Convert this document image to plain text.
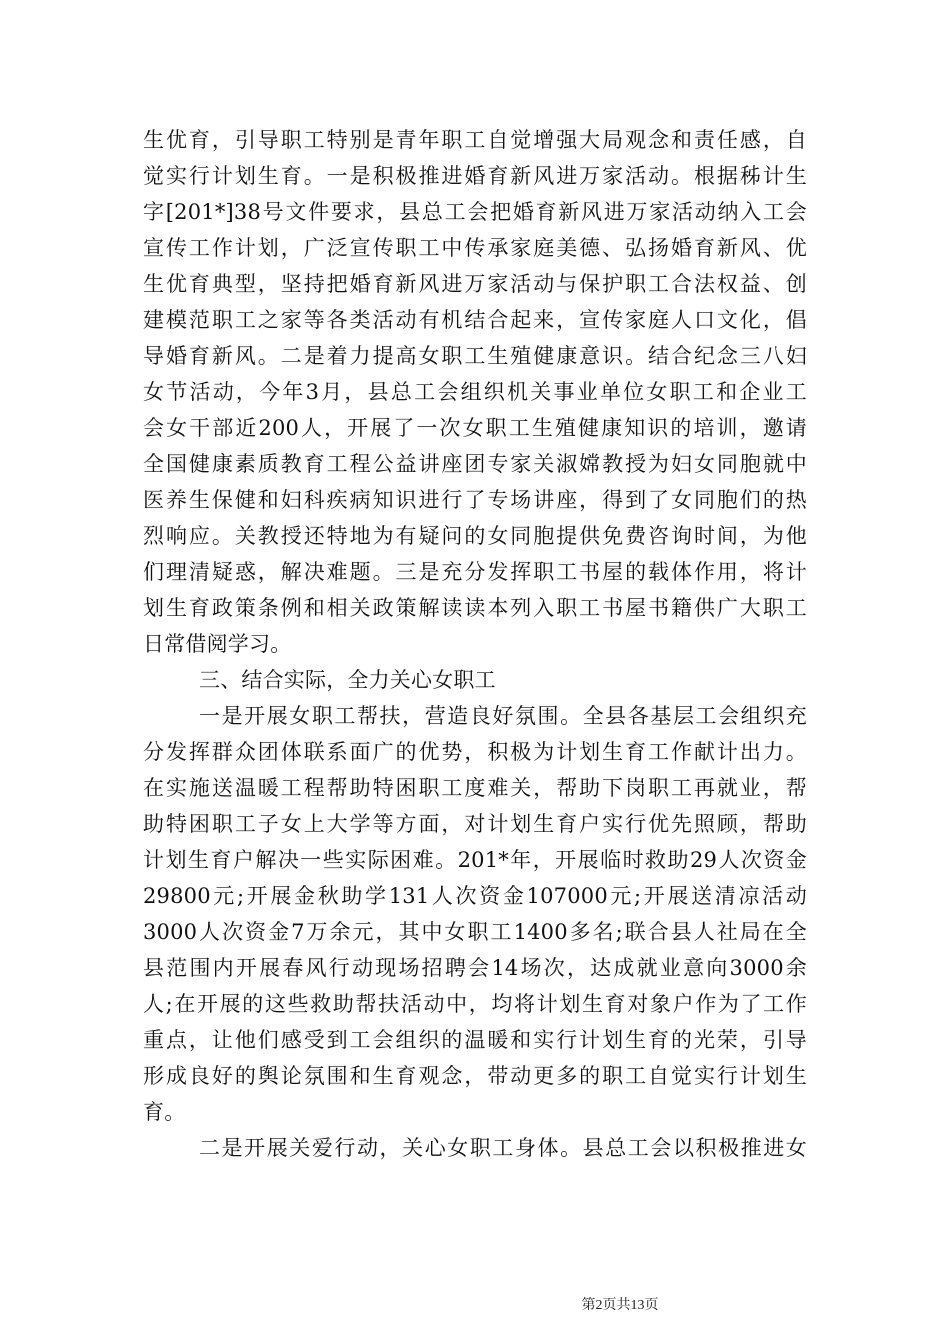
生优育，引导职工特别是青年职工自觉增强大局观念和责任感，自
觉实行计划生育。一是积极推进婚育新风进万家活动。根据秭计生
字[201*]38号文件要求，县总工会把婚育新风进万家活动纳入工会
宣传工作计划，广泛宣传职工中传承家庭美德、弘扬婚育新风、优
生优育典型，坚持把婚育新风进万家活动与保护职工合法权益、创
建模范职工之家等各类活动有机结合起来，宣传家庭人口文化，倡
导婚育新风。二是着力提高女职工生殖健康意识。结合纪念三八妇
女节活动，今年3月，县总工会组织机关事业单位女职工和企业工
会女干部近200人，开展了一次女职工生殖健康知识的培训，邀请
全国健康素质教育工程公益讲座团专家关淑嫦教授为妇女同胞就中
医养生保健和妇科疾病知识进行了专场讲座，得到了女同胞们的热
烈响应。关教授还特地为有疑问的女同胞提供免费咨询时间，为他
们理清疑惑，解决难题。三是充分发挥职工书屋的载体作用，将计
划生育政策条例和相关政策解读读本列入职工书屋书籍供广大职工
日常借阅学习。
三、结合实际，全力关心女职工
一是开展女职工帮扶，营造良好氛围。全县各基层工会组织充
分发挥群众团体联系面广的优势，积极为计划生育工作献计出力。
在实施送温暖工程帮助特困职工度难关，帮助下岗职工再就业，帮
助特困职工子女上大学等方面，对计划生育户实行优先照顾，帮助
计划生育户解决一些实际困难。201*年，开展临时救助29人次资金
29800元;开展金秋助学131人次资金107000元;开展送清凉活动
3000人次资金7万余元，其中女职工1400多名;联合县人社局在全
县范围内开展春风行动现场招聘会14场次，达成就业意向3000余
人;在开展的这些救助帮扶活动中，均将计划生育对象户作为了工作
重点，让他们感受到工会组织的温暖和实行计划生育的光荣，引导
形成良好的舆论氛围和生育观念，带动更多的职工自觉实行计划生
育。
二是开展关爱行动，关心女职工身体。县总工会以积极推进女
第2页共13页
